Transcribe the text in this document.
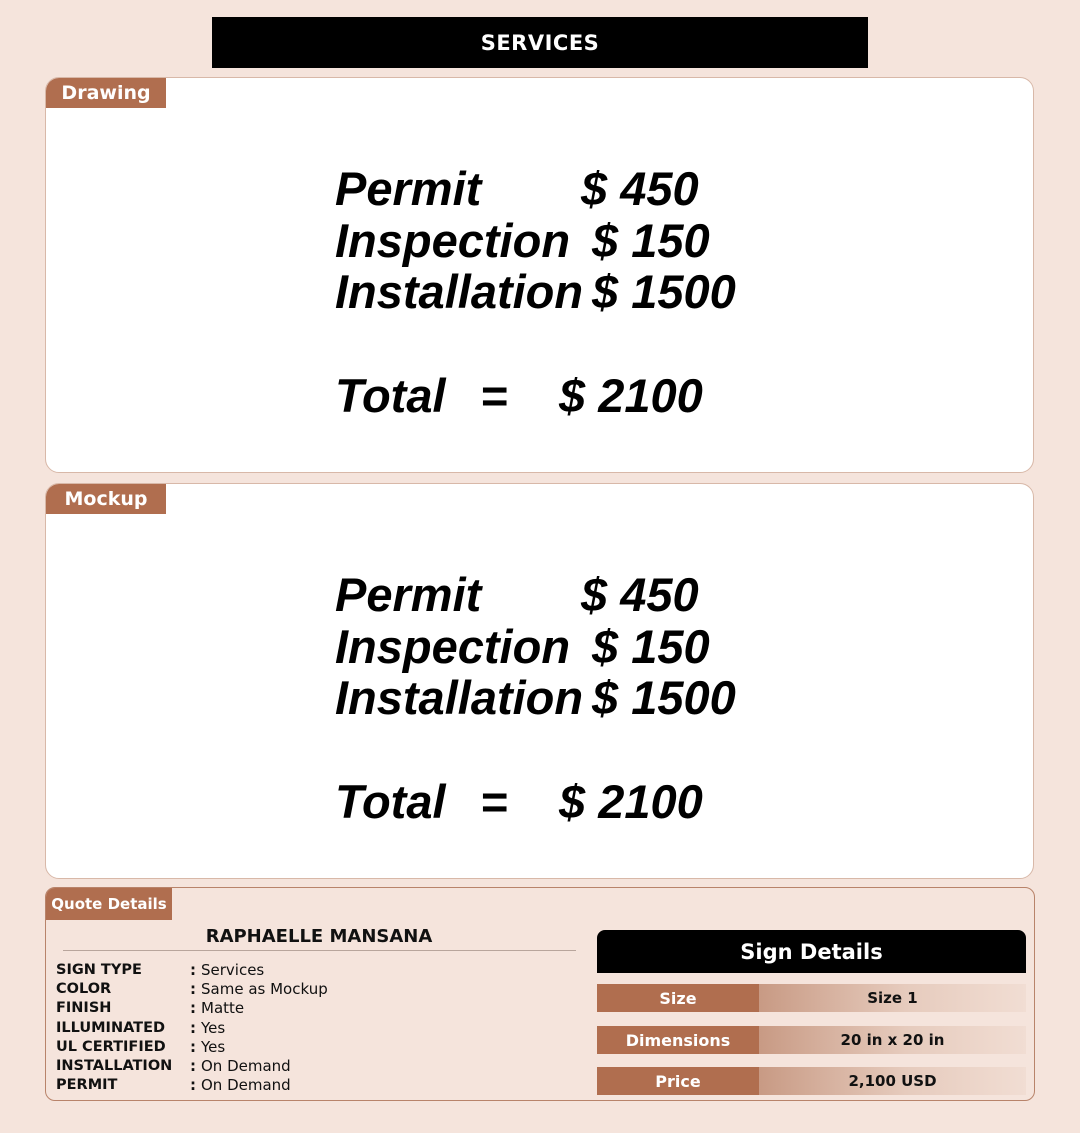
SERVICES
Drawing
Permit	$ 450
Inspection $ 150
Installation $ 1500
Total =	$ 2100
Mockup
Permit	$ 450
Inspection $ 150
Installation $ 1500
Total =	$ 2100
Quote Details
RAPHAELLE MANSANA
SIGN TYPE	: Services
COLOR	: Same as Mockup
FINISH	: Matte
ILLUMINATED	: Yes
UL CERTIFIED	: Yes
INSTALLATION	: On Demand
PERMIT	: On Demand
Sign Details
Size	Size 1
Dimensions	20 in x 20 in
Price	2,100 USD
